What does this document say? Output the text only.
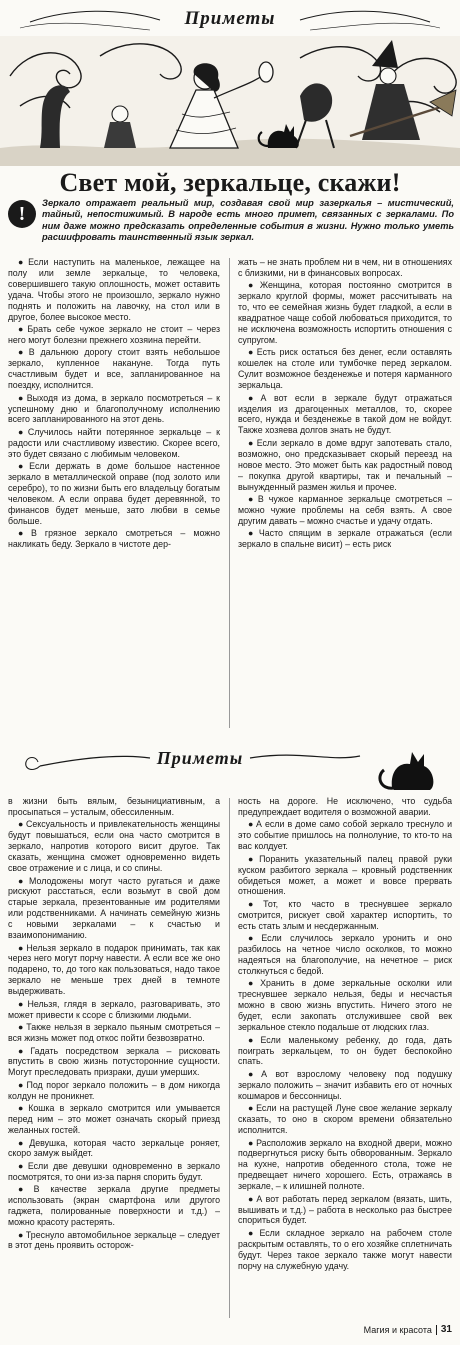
Приметы
Свет мой, зеркальце, скажи!
!	Зеркало отражает реальный мир, создавая свой мир зазеркалья – мистический, тайный, непостижимый. В народе есть много примет, связанных с зеркалами. По ним даже можно предсказать определенные события в жизни. Нужно только уметь расшифровать таинственный язык зеркал.

● Если наступить на маленькое, лежащее на полу или земле зеркальце, то человека, совершившего такую оплошность, может оставить удача. Чтобы этого не произошло, зеркало нужно поднять и положить на лавочку, на стол или в другое, более высокое место.

● Брать себе чужое зеркало не стоит – через него могут болезни прежнего хозяина перейти.

● В дальнюю дорогу стоит взять небольшое зеркало, купленное накануне. Тогда путь счастливым будет и все, запланированное на поездку, исполнится.

● Выходя из дома, в зеркало посмотреться – к успешному дню и благополучному исполнению всего запланированного на этот день.

● Случилось найти потерянное зеркальце – к радости или счастливому известию. Скорее всего, это будет связано с любимым человеком.

● Если держать в доме большое настенное зеркало в металлической оправе (под золото или серебро), то по жизни быть его владельцу богатым человеком. А если оправа будет деревянной, то финансов будет меньше, зато любви в семье больше.

● В грязное зеркало смотреться – можно накликать беду. Зеркало в чистоте дер-

жать – не знать проблем ни в чем, ни в отношениях с близкими, ни в финансовых вопросах.

● Женщина, которая постоянно смотрится в зеркало круглой формы, может рассчитывать на то, что ее семейная жизнь будет гладкой, а если в квадратное чаще собой любоваться приходится, то не исключена возможность испортить отношения с супругом.

● Есть риск остаться без денег, если оставлять кошелек на столе или тумбочке перед зеркалом. Сулит возможное безденежье и потеря карманного зеркальца.

● А вот если в зеркале будут отражаться изделия из драгоценных металлов, то, скорее всего, нужда и безденежье в такой дом не войдут. Также хозяева долгов знать не будут.

● Если зеркало в доме вдруг запотевать стало, возможно, оно предсказывает скорый переезд на новое место. Это может быть как радостный повод – покупка другой квартиры, так и печальный – вынужденный размен жилья и прочее.

● В чужое карманное зеркальце смотреться – можно чужие проблемы на себя взять. А свое другим давать – можно счастье и удачу отдать.

● Часто спящим в зеркале отражаться (если зеркало в спальне висит) – есть риск

Приметы

в жизни быть вялым, безынициативным, а просыпаться – усталым, обессиленным.

● Сексуальность и привлекательность женщины будут повышаться, если она часто смотрится в зеркало, напротив которого висит другое. Так сказать, женщина сможет одновременно видеть свое отражение и с лица, и со спины.

● Молодожены могут часто ругаться и даже рискуют расстаться, если возьмут в свой дом старые зеркала, презентованные им родителями или родственниками. А начинать семейную жизнь с новыми зеркалами – к счастью и взаимопониманию.

● Нельзя зеркало в подарок принимать, так как через него могут порчу навести. А если все же оно подарено, то, до того как пользоваться, надо такое зеркало не меньше трех дней в темноте выдерживать.

● Нельзя, глядя в зеркало, разговаривать, это может привести к ссоре с близкими людьми.

● Также нельзя в зеркало пьяным смотреться – вся жизнь может под откос пойти безвозвратно.

● Гадать посредством зеркала – рисковать впустить в свою жизнь потусторонние сущности. Могут преследовать призраки, души умерших.

● Под порог зеркало положить – в дом никогда колдун не проникнет.

● Кошка в зеркало смотрится или умывается перед ним – это может означать скорый приезд желанных гостей.

● Девушка, которая часто зеркальце роняет, скоро замуж выйдет.

● Если две девушки одновременно в зеркало посмотрятся, то они из-за парня спорить будут.

● В качестве зеркала другие предметы использовать (экран смартфона или другого гаджета, полированные поверхности и т.д.) – можно красоту растерять.

● Треснуло автомобильное зеркальце – следует в этот день проявить осторож-

ность на дороге. Не исключено, что судьба предупреждает водителя о возможной аварии.

● А если в доме само собой зеркало треснуло и это событие пришлось на полнолуние, то кто-то на вас колдует.

● Поранить указательный палец правой руки куском разбитого зеркала – кровный родственник обидеться может, а может и вовсе прервать отношения.

● Тот, кто часто в треснувшее зеркало смотрится, рискует свой характер испортить, то есть стать злым и несдержанным.

● Если случилось зеркало уронить и оно разбилось на четное число осколков, то можно надеяться на благополучие, на нечетное – риск столкнуться с бедой.

● Хранить в доме зеркальные осколки или треснувшее зеркало нельзя, беды и несчастья можно в свою жизнь впустить. Ничего этого не будет, если закопать отслужившее свой век зеркальное стекло подальше от людских глаз.

● Если маленькому ребенку, до года, дать поиграть зеркальцем, то он будет беспокойно спать.

● А вот взрослому человеку под подушку зеркало положить – значит избавить его от ночных кошмаров и бессонницы.

● Если на растущей Луне свое желание зеркалу сказать, то оно в скором времени обязательно исполнится.

● Расположив зеркало на входной двери, можно подвергнуться риску быть обворованным. Зеркало на кухне, напротив обеденного стола, тоже не предвещает ничего хорошего. Есть, отражаясь в зеркале, – к илишней полноте.

● А вот работать перед зеркалом (вязать, шить, вышивать и т.д.) – работа в несколько раз быстрее спориться будет.

● Если складное зеркало на рабочем столе раскрытым оставлять, то о его хозяйке сплетничать будут. Через такое зеркало также могут навести порчу на служебную удачу.

Магия и красота 31
